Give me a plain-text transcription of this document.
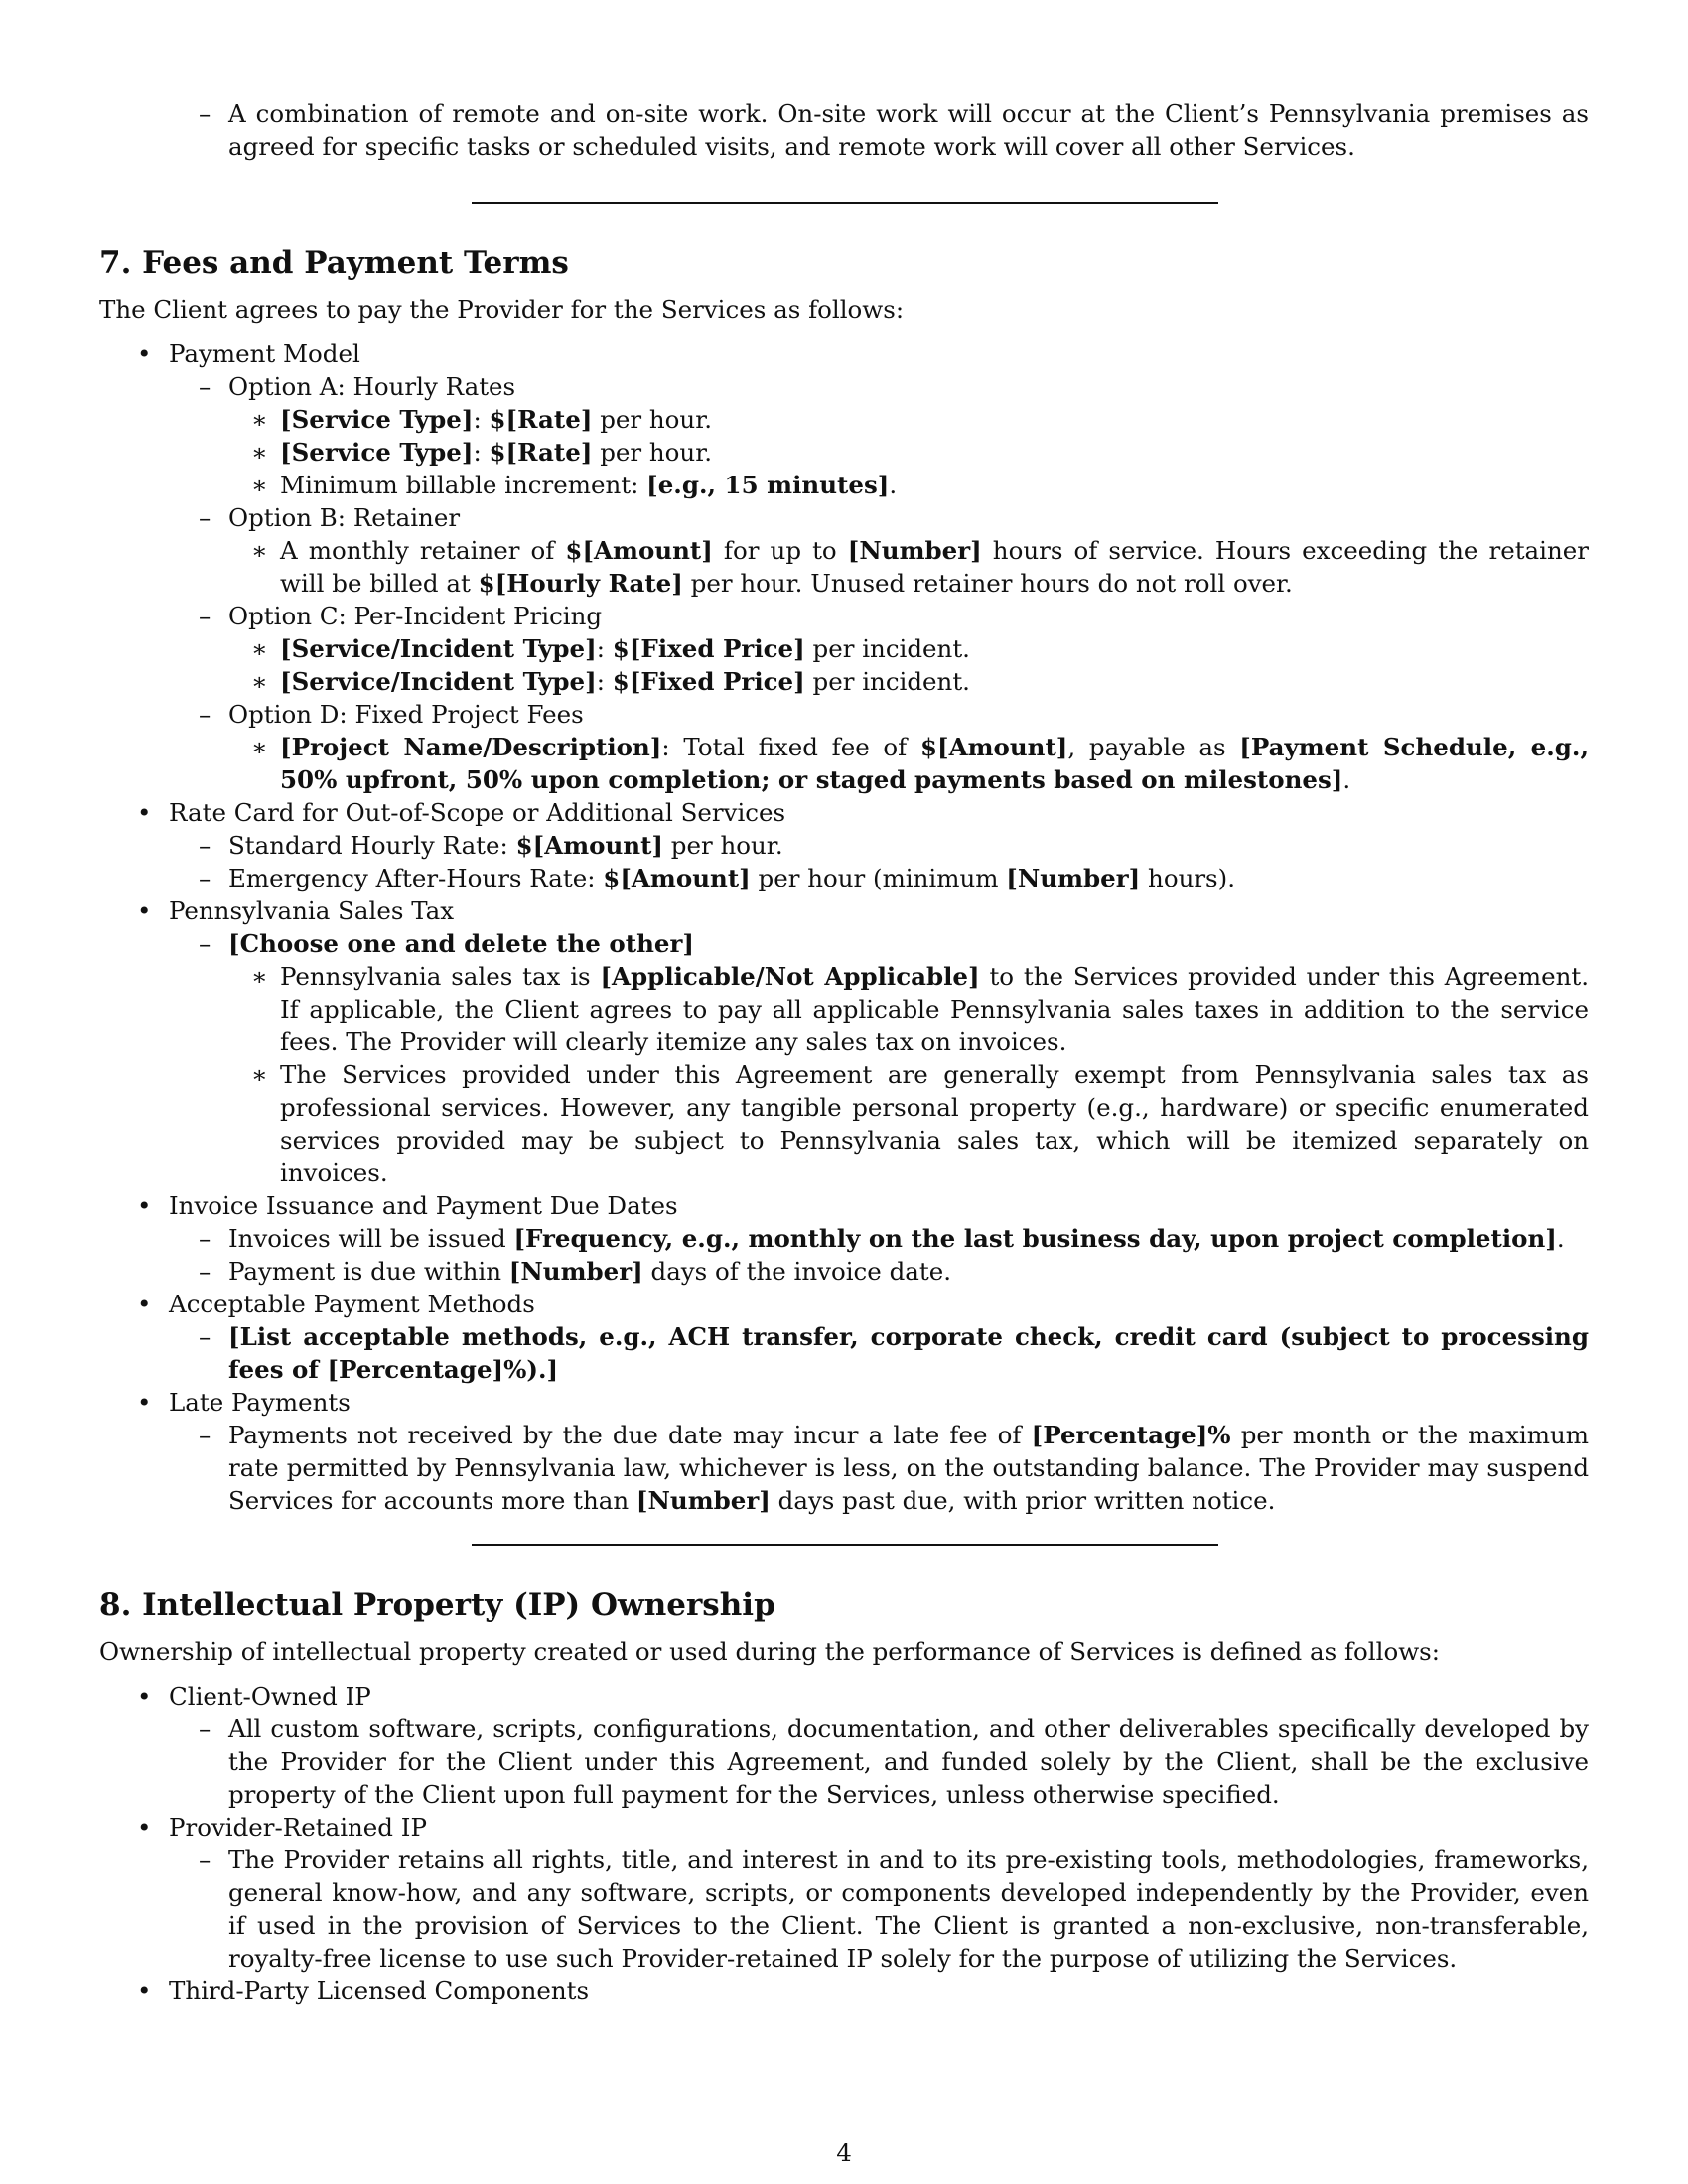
– A combination of remote and on-site work. On-site work will occur at the Client’s Pennsylvania premises as agreed for specific tasks or scheduled visits, and remote work will cover all other Services.
7. Fees and Payment Terms

The Client agrees to pay the Provider for the Services as follows:

• Payment Model
– Option A: Hourly Rates
∗ [Service Type]: $[Rate] per hour.
∗ [Service Type]: $[Rate] per hour.
∗ Minimum billable increment: [e.g., 15 minutes].
– Option B: Retainer
∗ A monthly retainer of $[Amount] for up to [Number] hours of service. Hours exceeding the retainer will be billed at $[Hourly Rate] per hour. Unused retainer hours do not roll over.
– Option C: Per-Incident Pricing
∗ [Service/Incident Type]: $[Fixed Price] per incident.
∗ [Service/Incident Type]: $[Fixed Price] per incident.
– Option D: Fixed Project Fees
∗ [Project Name/Description]: Total fixed fee of $[Amount], payable as [Payment Schedule, e.g., 50% upfront, 50% upon completion; or staged payments based on milestones].
• Rate Card for Out-of-Scope or Additional Services
– Standard Hourly Rate: $[Amount] per hour.
– Emergency After-Hours Rate: $[Amount] per hour (minimum [Number] hours).
• Pennsylvania Sales Tax
– [Choose one and delete the other]
∗ Pennsylvania sales tax is [Applicable/Not Applicable] to the Services provided under this Agreement. If applicable, the Client agrees to pay all applicable Pennsylvania sales taxes in addition to the service fees. The Provider will clearly itemize any sales tax on invoices.
∗ The Services provided under this Agreement are generally exempt from Pennsylvania sales tax as professional services. However, any tangible personal property (e.g., hardware) or specific enumerated services provided may be subject to Pennsylvania sales tax, which will be itemized separately on invoices.
• Invoice Issuance and Payment Due Dates
– Invoices will be issued [Frequency, e.g., monthly on the last business day, upon project completion].
– Payment is due within [Number] days of the invoice date.
• Acceptable Payment Methods
– [List acceptable methods, e.g., ACH transfer, corporate check, credit card (subject to processing fees of [Percentage]%).]
• Late Payments
– Payments not received by the due date may incur a late fee of [Percentage]% per month or the maximum rate permitted by Pennsylvania law, whichever is less, on the outstanding balance. The Provider may suspend Services for accounts more than [Number] days past due, with prior written notice.
8. Intellectual Property (IP) Ownership

Ownership of intellectual property created or used during the performance of Services is defined as follows:

• Client-Owned IP
– All custom software, scripts, configurations, documentation, and other deliverables specifically developed by the Provider for the Client under this Agreement, and funded solely by the Client, shall be the exclusive property of the Client upon full payment for the Services, unless otherwise specified.
• Provider-Retained IP
– The Provider retains all rights, title, and interest in and to its pre-existing tools, methodologies, frameworks, general know-how, and any software, scripts, or components developed independently by the Provider, even if used in the provision of Services to the Client. The Client is granted a non-exclusive, non-transferable, royalty-free license to use such Provider-retained IP solely for the purpose of utilizing the Services.
• Third-Party Licensed Components
4
